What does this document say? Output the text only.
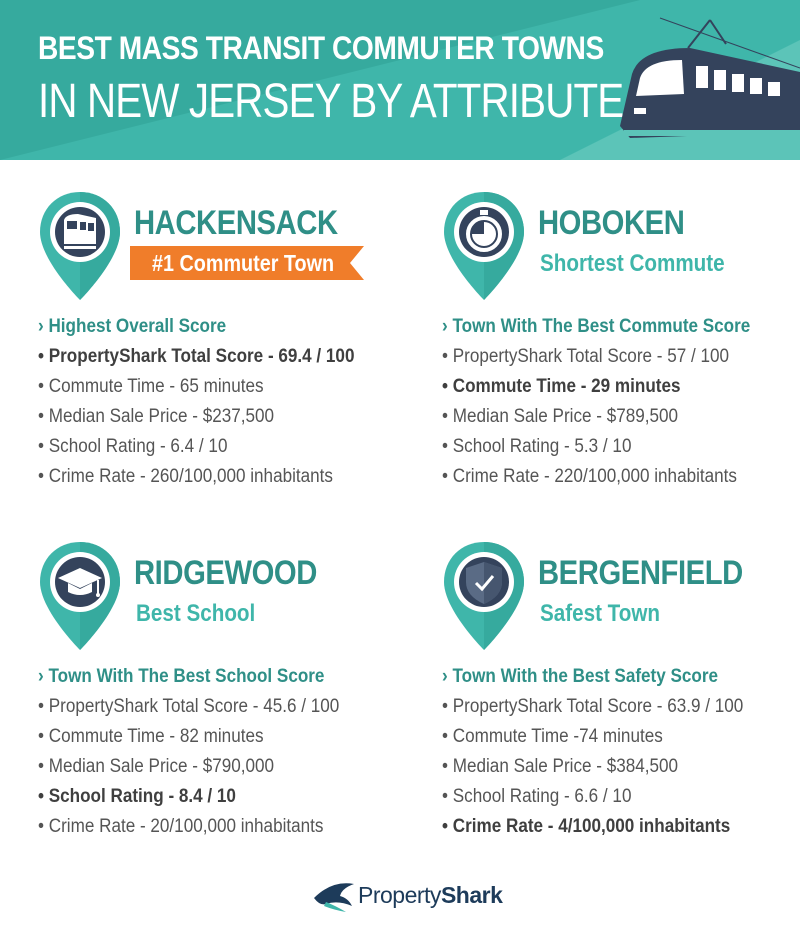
BEST MASS TRANSIT COMMUTER TOWNS
IN NEW JERSEY BY ATTRIBUTE
HACKENSACK
#1 Commuter Town
› Highest Overall Score
• PropertyShark Total Score - 69.4 / 100
• Commute Time - 65 minutes
• Median Sale Price - $237,500
• School Rating - 6.4 / 10
• Crime Rate - 260/100,000 inhabitants
HOBOKEN
Shortest Commute
› Town With The Best Commute Score
• PropertyShark Total Score - 57 / 100
• Commute Time - 29 minutes
• Median Sale Price - $789,500
• School Rating - 5.3 / 10
• Crime Rate - 220/100,000 inhabitants
RIDGEWOOD
Best School
› Town With The Best School Score
• PropertyShark Total Score - 45.6 / 100
• Commute Time - 82 minutes
• Median Sale Price - $790,000
• School Rating - 8.4 / 10
• Crime Rate - 20/100,000 inhabitants
BERGENFIELD
Safest Town
› Town With the Best Safety Score
• PropertyShark Total Score - 63.9 / 100
• Commute Time -74 minutes
• Median Sale Price - $384,500
• School Rating - 6.6 / 10
• Crime Rate - 4/100,000 inhabitants
PropertyShark
